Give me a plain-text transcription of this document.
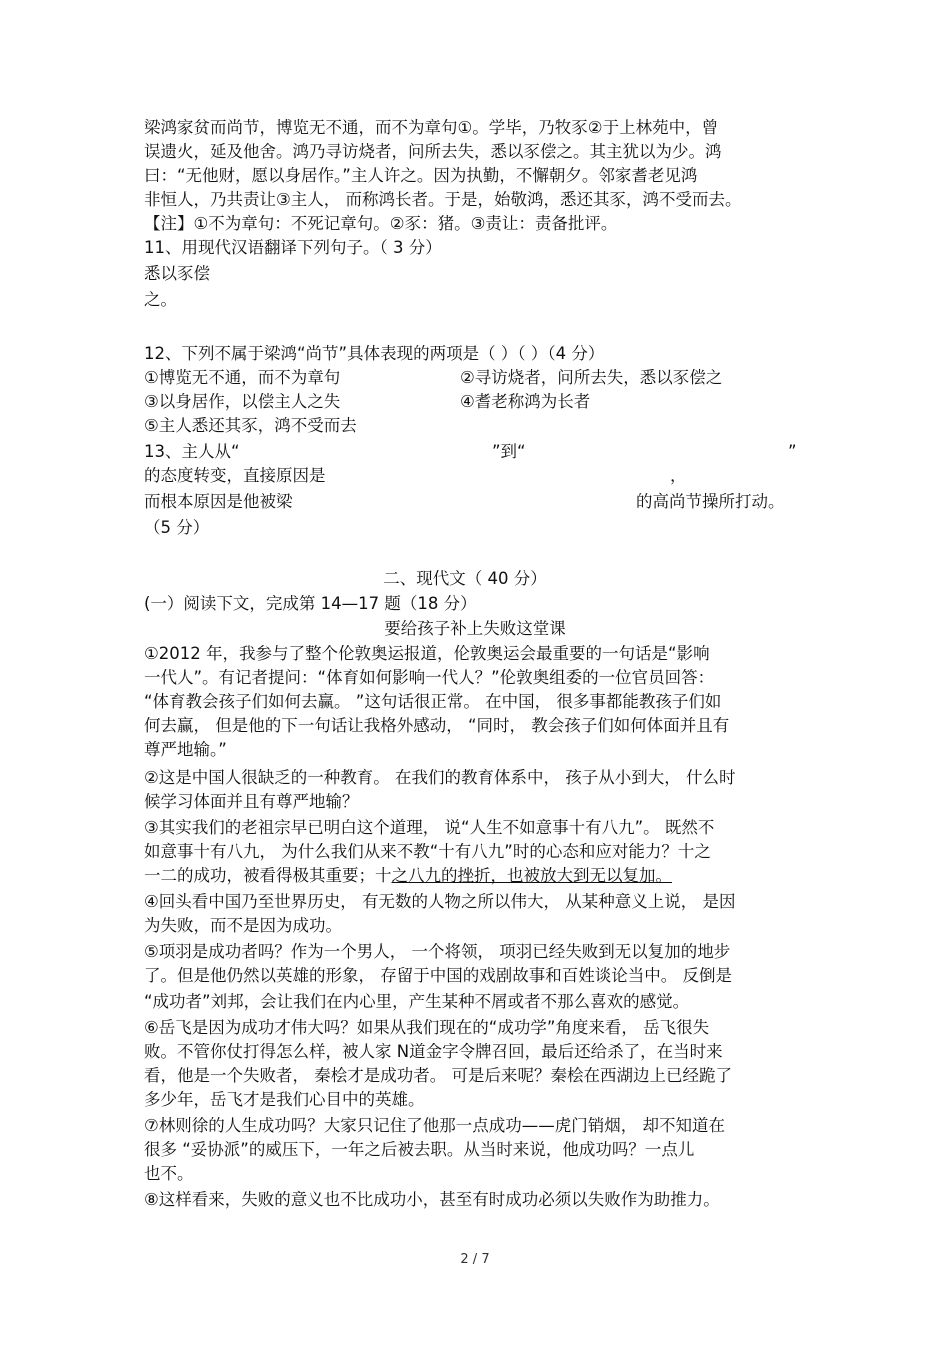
梁鸿家贫而尚节，博览无不通，而不为章句①。学毕，乃牧豕②于上林苑中，曾

误遗火，延及他舍。鸿乃寻访烧者，问所去失，悉以豕偿之。其主犹以为少。鸿

曰：“无他财，愿以身居作。”主人许之。因为执勤，不懈朝夕。邻家耆老见鸿

非恒人，乃共责让③主人， 而称鸿长者。于是，始敬鸿，悉还其豕，鸿不受而去。

【注】①不为章句：不死记章句。②豕：猪。③责让：责备批评。

11、用现代汉语翻译下列句子。（ 3 分）

悉以豕偿

之。

12、下列不属于梁鸿“尚节”具体表现的两项是（ ）（ ）（4 分）

①博览无不通，而不为章句	②寻访烧者，问所去失，悉以豕偿之

③以身居作，以偿主人之失	④耆老称鸿为长者

⑤主人悉还其豕，鸿不受而去

13、主人从“	”到“	”

的态度转变，直接原因是	，

而根本原因是他被梁	的高尚节操所打动。

（5 分）

二、现代文（ 40 分）

(一）阅读下文，完成第 14—17 题（18 分）

要给孩子补上失败这堂课

①2012 年，我参与了整个伦敦奥运报道，伦敦奥运会最重要的一句话是“影响

一代人”。有记者提问：“体育如何影响一代人？”伦敦奥组委的一位官员回答：

“体育教会孩子们如何去赢。 ”这句话很正常。 在中国， 很多事都能教孩子们如

何去赢， 但是他的下一句话让我格外感动， “同时， 教会孩子们如何体面并且有

尊严地输。”

②这是中国人很缺乏的一种教育。 在我们的教育体系中， 孩子从小到大， 什么时

候学习体面并且有尊严地输？

③其实我们的老祖宗早已明白这个道理， 说“人生不如意事十有八九”。 既然不

如意事十有八九， 为什么我们从来不教“十有八九”时的心态和应对能力？十之

一二的成功，被看得极其重要；十之八九的挫折，也被放大到无以复加。

④回头看中国乃至世界历史， 有无数的人物之所以伟大， 从某种意义上说， 是因

为失败，而不是因为成功。

⑤项羽是成功者吗？作为一个男人， 一个将领， 项羽已经失败到无以复加的地步

了。但是他仍然以英雄的形象， 存留于中国的戏剧故事和百姓谈论当中。 反倒是

“成功者”刘邦，会让我们在内心里，产生某种不屑或者不那么喜欢的感觉。

⑥岳飞是因为成功才伟大吗？如果从我们现在的“成功学”角度来看， 岳飞很失

败。不管你仗打得怎么样，被人家 N道金字令牌召回，最后还给杀了，在当时来

看，他是一个失败者， 秦桧才是成功者。 可是后来呢？秦桧在西湖边上已经跪了

多少年，岳飞才是我们心目中的英雄。

⑦林则徐的人生成功吗？大家只记住了他那一点成功——虎门销烟， 却不知道在

很多 “妥协派”的威压下，一年之后被去职。从当时来说，他成功吗？一点儿

也不。

⑧这样看来，失败的意义也不比成功小，甚至有时成功必须以失败作为助推力。

2 / 7
